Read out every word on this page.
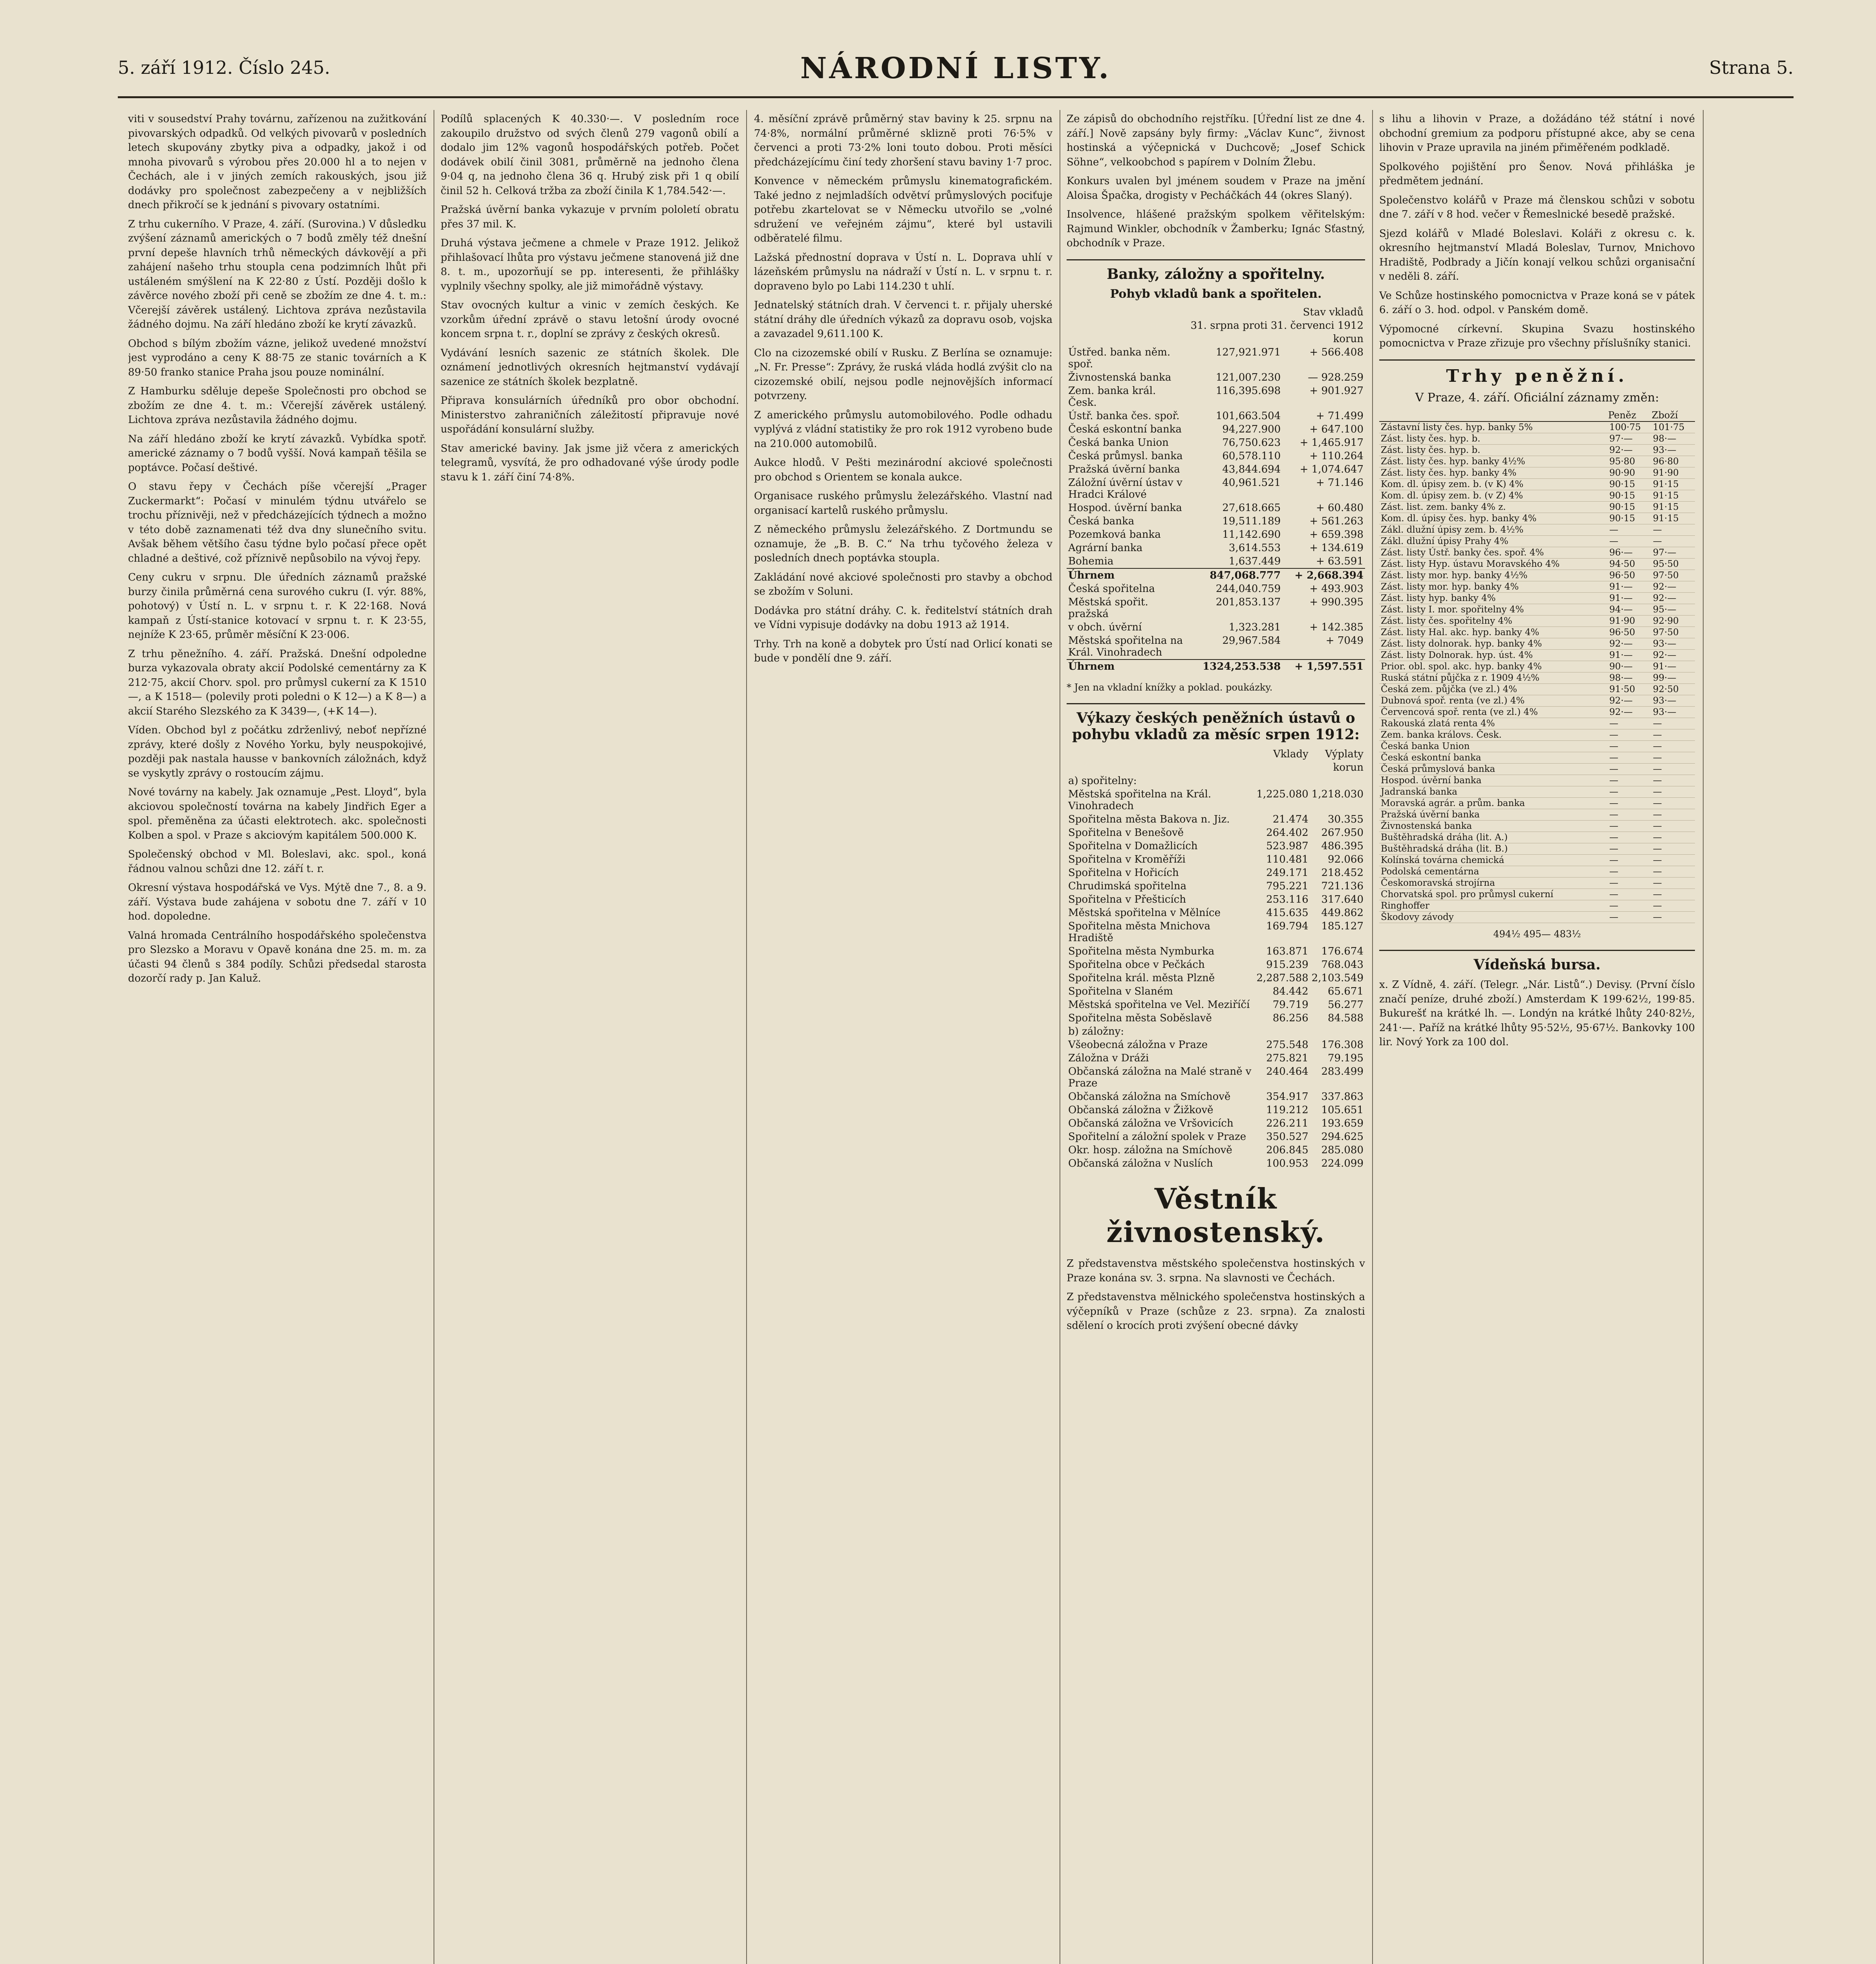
5. září 1912. Číslo 245.	NÁRODNÍ LISTY.	Strana 5.

viti v sousedství Prahy továrnu, zařízenou na zužitkování pivovarských odpadků. Od velkých pivovarů v posledních letech skupovány zbytky piva a odpadky, jakož i od mnoha pivovarů s výrobou přes 20.000 hl a to nejen v Čechách, ale i v jiných zemích rakouských, jsou již dodávky pro společnost zabezpečeny a v nejbližších dnech přikročí se k jednání s pivovary ostatními.

Z trhu cukerního. V Praze, 4. září. (Surovina.) V důsledku zvýšení záznamů amerických o 7 bodů změly též dnešní první depeše hlavních trhů německých dávkovějí a při zahájení našeho trhu stoupla cena podzimních lhůt při ustáleném smýšlení na K 22·80 z Ústí. Později došlo k závěrce nového zboží při ceně se zbožím ze dne 4. t. m.: Včerejší závěrek ustálený. Lichtova zpráva nezůstavila žádného dojmu. Na září hledáno zboží ke krytí závazků.

Obchod s bílým zbožím vázne, jelikož uvedené množství jest vyprodáno a ceny K 88·75 ze stanic továrních a K 89·50 franko stanice Praha jsou pouze nominální.

Z Hamburku sděluje depeše Společnosti pro obchod se zbožím ze dne 4. t. m.: Včerejší závěrek ustálený. Lichtova zpráva nezůstavila žádného dojmu.

Na září hledáno zboží ke krytí závazků. Vybídka spotř. americké záznamy o 7 bodů vyšší. Nová kampaň těšila se poptávce. Počasí deštivé.

O stavu řepy v Čechách píše včerejší „Prager Zuckermarkt“: Počasí v minulém týdnu utvářelo se trochu příznivěji, než v předcházejících týdnech a možno v této době zaznamenati též dva dny slunečního svitu. Avšak během většího času týdne bylo počasí přece opět chladné a deštivé, což příznivě nepůsobilo na vývoj řepy.

Ceny cukru v srpnu. Dle úředních záznamů pražské burzy činila průměrná cena surového cukru (I. výr. 88%, pohotový) v Ústí n. L. v srpnu t. r. K 22·168. Nová kampaň z Ústí-stanice kotovací v srpnu t. r. K 23·55, nejníže K 23·65, průměr měsíční K 23·006.

Z trhu pěnežního. 4. září. Pražská. Dnešní odpoledne burza vykazovala obraty akcií Podolské cementárny za K 212·75, akcií Chorv. spol. pro průmysl cukerní za K 1510—, a K 1518— (polevily proti poledni o K 12—) a K 8—) a akcií Starého Slezského za K 3439—, (+K 14—).

Víden. Obchod byl z počátku zdrženlivý, neboť nepřízné zprávy, které došly z Nového Yorku, byly neuspokojivé, později pak nastala hausse v bankovních záložnách, když se vyskytly zprávy o rostoucím zájmu.

Nové továrny na kabely. Jak oznamuje „Pest. Lloyd“, byla akciovou společností továrna na kabely Jindřich Eger a spol. přeměněna za účasti elektrotech. akc. společnosti Kolben a spol. v Praze s akciovým kapitálem 500.000 K.

Společenský obchod v Ml. Boleslavi, akc. spol., koná řádnou valnou schůzi dne 12. září t. r.

Okresní výstava hospodářská ve Vys. Mýtě dne 7., 8. a 9. září. Výstava bude zahájena v sobotu dne 7. září v 10 hod. dopoledne.

Valná hromada Centrálního hospodářského společenstva pro Slezsko a Moravu v Opavě konána dne 25. m. m. za účasti 94 členů s 384 podíly. Schůzi předsedal starosta dozorčí rady p. Jan Kaluž.

Podílů splacených K 40.330·—. V posledním roce zakoupilo družstvo od svých členů 279 vagonů obilí a dodalo jim 12% vagonů hospodářských potřeb. Počet dodávek obilí činil 3081, průměrně na jednoho člena 9·04 q, na jednoho člena 36 q. Hrubý zisk při 1 q obilí činil 52 h. Celková tržba za zboží činila K 1,784.542·—.

Pražská úvěrní banka vykazuje v prvním pololetí obratu přes 37 mil. K.

Druhá výstava ječmene a chmele v Praze 1912. Jelikož přihlašovací lhůta pro výstavu ječmene stanovená již dne 8. t. m., upozorňují se pp. interesenti, že přihlášky vyplnily všechny spolky, ale již mimořádně výstavy.

Stav ovocných kultur a vinic v zemích českých. Ke vzorkům úřední zprávě o stavu letošní úrody ovocné koncem srpna t. r., doplní se zprávy z českých okresů.

Vydávání lesních sazenic ze státních školek. Dle oznámení jednotlivých okresních hejtmanství vydávají sazenice ze státních školek bezplatně.

Připrava konsulárních úředníků pro obor obchodní. Ministerstvo zahraničních záležitostí připravuje nové uspořádání konsulární služby.

Stav americké baviny. Jak jsme již včera z amerických telegramů, vysvítá, že pro odhadované výše úrody podle stavu k 1. září činí 74·8%.

4. měsíční zprávě průměrný stav baviny k 25. srpnu na 74·8%, normální průměrné sklizně proti 76·5% v červenci a proti 73·2% loni touto dobou. Proti měsíci předcházejícímu činí tedy zhoršení stavu baviny 1·7 proc.

Konvence v německém průmyslu kinematografickém. Také jedno z nejmladších odvětví průmyslových pociťuje potřebu zkartelovat se v Německu utvořilo se „volné sdružení ve veřejném zájmu“, které byl ustavili odběratelé filmu.

Lažská přednostní doprava v Ústí n. L. Doprava uhlí v lázeňském průmyslu na nádraží v Ústí n. L. v srpnu t. r. dopraveno bylo po Labi 114.230 t uhlí.

Jednatelský státních drah. V červenci t. r. přijaly uherské státní dráhy dle úředních výkazů za dopravu osob, vojska a zavazadel 9,611.100 K.

Clo na cizozemské obilí v Rusku. Z Berlína se oznamuje: „N. Fr. Presse“: Zprávy, že ruská vláda hodlá zvýšit clo na cizozemské obilí, nejsou podle nejnovějších informací potvrzeny.

Z amerického průmyslu automobilového. Podle odhadu vyplývá z vládní statistiky že pro rok 1912 vyrobeno bude na 210.000 automobilů.

Aukce hlodů. V Pešti mezinárodní akciové společnosti pro obchod s Orientem se konala aukce.

Organisace ruského průmyslu železářského. Vlastní nad organisací kartelů ruského průmyslu.

Z německého průmyslu železářského. Z Dortmundu se oznamuje, že „B. B. C.“ Na trhu tyčového železa v posledních dnech poptávka stoupla.

Zakládání nové akciové společnosti pro stavby a obchod se zbožím v Soluni.

Dodávka pro státní dráhy. C. k. ředitelství státních drah ve Vídni vypisuje dodávky na dobu 1913 až 1914.

Trhy. Trh na koně a dobytek pro Ústí nad Orlicí konati se bude v pondělí dne 9. září.

Ze zápisů do obchodního rejstříku. [Úřední list ze dne 4. září.] Nově zapsány byly firmy: „Václav Kunc“, živnost hostinská a výčepnická v Duchcově; „Josef Schick Söhne“, velkoobchod s papírem v Dolním Žlebu.

Konkurs uvalen byl jménem soudem v Praze na jmění Aloisa Špačka, drogisty v Pecháčkách 44 (okres Slaný).

Insolvence, hlášené pražským spolkem věřitelským: Rajmund Winkler, obchodník v Žamberku; Ignác Sťastný, obchodník v Praze.

Banky, záložny a spořitelny.
Pohyb vkladů bank a spořitelen.
	Stav vkladů	
	31. srpna proti 31. červenci 1912	
	korun	
Ústřed. banka něm. spoř.	127,921.971	+ 566.408
Živnostenská banka	121,007.230	— 928.259
Zem. banka král. Česk.	116,395.698	+ 901.927
Ústř. banka čes. spoř.	101,663.504	+ 71.499
Česká eskontní banka	94,227.900	+ 647.100
Česká banka Union	76,750.623	+ 1,465.917
Česká průmysl. banka	60,578.110	+ 110.264
Pražská úvěrní banka	43,844.694	+ 1,074.647
Záložní úvěrní ústav v Hradci Králové	40,961.521	+ 71.146
Hospod. úvěrní banka	27,618.665	+ 60.480
Česká banka	19,511.189	+ 561.263
Pozemková banka	11,142.690	+ 659.398
Agrární banka	3,614.553	+ 134.619
Bohemia	1,637.449	+ 63.591
Úhrnem	847,068.777	+ 2,668.394
Česká spořitelna	244,040.759	+ 493.903
Městská spořit. pražská	201,853.137	+ 990.395
v obch. úvěrní	1,323.281	+ 142.385
Městská spořitelna na Král. Vinohradech	29,967.584	+ 7049
Úhrnem	1324,253.538	+ 1,597.551

* Jen na vkladní knížky a poklad. poukázky.

Výkazy českých peněžních ústavů o pohybu vkladů za měsíc srpen 1912:
	Vklady	Výplaty
	korun	
a) spořitelny:		
Městská spořitelna na Král. Vinohradech	1,225.080	1,218.030
Spořitelna města Bakova n. Jiz.	21.474	30.355
Spořitelna v Benešově	264.402	267.950
Spořitelna v Domažlicích	523.987	486.395
Spořitelna v Kroměříži	110.481	92.066
Spořitelna v Hořicích	249.171	218.452
Chrudimská spořitelna	795.221	721.136
Spořitelna v Přešticích	253.116	317.640
Městská spořitelna v Mělníce	415.635	449.862
Spořitelna města Mnichova Hradiště	169.794	185.127
Spořitelna města Nymburka	163.871	176.674
Spořitelna obce v Pečkách	915.239	768.043
Spořitelna král. města Plzně	2,287.588	2,103.549
Spořitelna v Slaném	84.442	65.671
Městská spořitelna ve Vel. Meziříčí	79.719	56.277
Spořitelna města Soběslavě	86.256	84.588
b) záložny:		
Všeobecná záložna v Praze	275.548	176.308
Záložna v Dráži	275.821	79.195
Občanská záložna na Malé straně v Praze	240.464	283.499
Občanská záložna na Smíchově	354.917	337.863
Občanská záložna v Žižkově	119.212	105.651
Občanská záložna ve Vršovicích	226.211	193.659
Spořitelní a záložní spolek v Praze	350.527	294.625
Okr. hosp. záložna na Smíchově	206.845	285.080
Občanská záložna v Nuslích	100.953	224.099
Věstník živnostenský.

Z představenstva městského společenstva hostinských v Praze konána sv. 3. srpna. Na slavnosti ve Čechách.

Z představenstva mělnického společenstva hostinských a výčepníků v Praze (schůze z 23. srpna). Za znalosti sdělení o krocích proti zvýšení obecné dávky

s lihu a lihovin v Praze, a dožádáno též státní i nové obchodní gremium za podporu přístupné akce, aby se cena lihovin v Praze upravila na jiném přiměřeném podkladě.

Spolkového pojištění pro Šenov. Nová přihláška je předmětem jednání.

Společenstvo kolářů v Praze má členskou schůzi v sobotu dne 7. září v 8 hod. večer v Řemeslnické besedě pražské.

Sjezd kolářů v Mladé Boleslavi. Koláři z okresu c. k. okresního hejtmanství Mladá Boleslav, Turnov, Mnichovo Hradiště, Podbrady a Jičín konají velkou schůzi organisační v neděli 8. září.

Ve Schůze hostinského pomocnictva v Praze koná se v pátek 6. září o 3. hod. odpol. v Panském domě.

Výpomocné církevní. Skupina Svazu hostinského pomocnictva v Praze zřizuje pro všechny příslušníky stanici.

Trhy peněžní.
V Praze, 4. září. Oficiální záznamy změn:
	Peněz	Zboží
Zástavní listy čes. hyp. banky 5%	100·75	101·75
Zást. listy čes. hyp. b.	97·—	98·—
Zást. listy čes. hyp. b.	92·—	93·—
Zást. listy čes. hyp. banky 4½%	95·80	96·80
Zást. listy čes. hyp. banky 4%	90·90	91·90
Kom. dl. úpisy zem. b. (v K) 4%	90·15	91·15
Kom. dl. úpisy zem. b. (v Z) 4%	90·15	91·15
Zást. list. zem. banky 4% z.	90·15	91·15
Kom. dl. úpisy čes. hyp. banky 4%	90·15	91·15
Zákl. dlužní úpisy zem. b. 4½%	—	—
Zákl. dlužní úpisy Prahy 4%	—	—
Zást. listy Ústř. banky čes. spoř. 4%	96·—	97·—
Zást. listy Hyp. ústavu Moravského 4%	94·50	95·50
Zást. listy mor. hyp. banky 4½%	96·50	97·50
Zást. listy mor. hyp. banky 4%	91·—	92·—
Zást. listy hyp. banky 4%	91·—	92·—
Zást. listy I. mor. spořitelny 4%	94·—	95·—
Zást. listy čes. spořitelny 4%	91·90	92·90
Zást. listy Hal. akc. hyp. banky 4%	96·50	97·50
Zást. listy dolnorak. hyp. banky 4%	92·—	93·—
Zást. listy Dolnorak. hyp. úst. 4%	91·—	92·—
Prior. obl. spol. akc. hyp. banky 4%	90·—	91·—
Ruská státní půjčka z r. 1909 4½%	98·—	99·—
Česká zem. půjčka (ve zl.) 4%	91·50	92·50
Dubnová spoř. renta (ve zl.) 4%	92·—	93·—
Červencová spoř. renta (ve zl.) 4%	92·—	93·—
Rakouská zlatá renta 4%	—	—
Zem. banka královs. Česk.	—	—
Česká banka Union	—	—
Česká eskontní banka	—	—
Česká průmyslová banka	—	—
Hospod. úvěrní banka	—	—
Jadranská banka	—	—
Moravská agrár. a prům. banka	—	—
Pražská úvěrní banka	—	—
Živnostenská banka	—	—
Buštěhradská dráha (lit. A.)	—	—
Buštěhradská dráha (lit. B.)	—	—
Kolínská továrna chemická	—	—
Podolská cementárna	—	—
Českomoravská strojírna	—	—
Chorvatská spol. pro průmysl cukerní	—	—
Ringhoffer	—	—
Škodovy závody	—	—

494½ 495— 483½

Vídeňská bursa.

x. Z Vídně, 4. září. (Telegr. „Nár. Listů“.) Devisy. (První číslo značí peníze, druhé zboží.) Amsterdam K 199·62½, 199·85. Bukurešť na krátké lh. —. Londýn na krátké lhůty 240·82½, 241·—. Paříž na krátké lhůty 95·52½, 95·67½. Bankovky 100 lir. Nový York za 100 dol.
